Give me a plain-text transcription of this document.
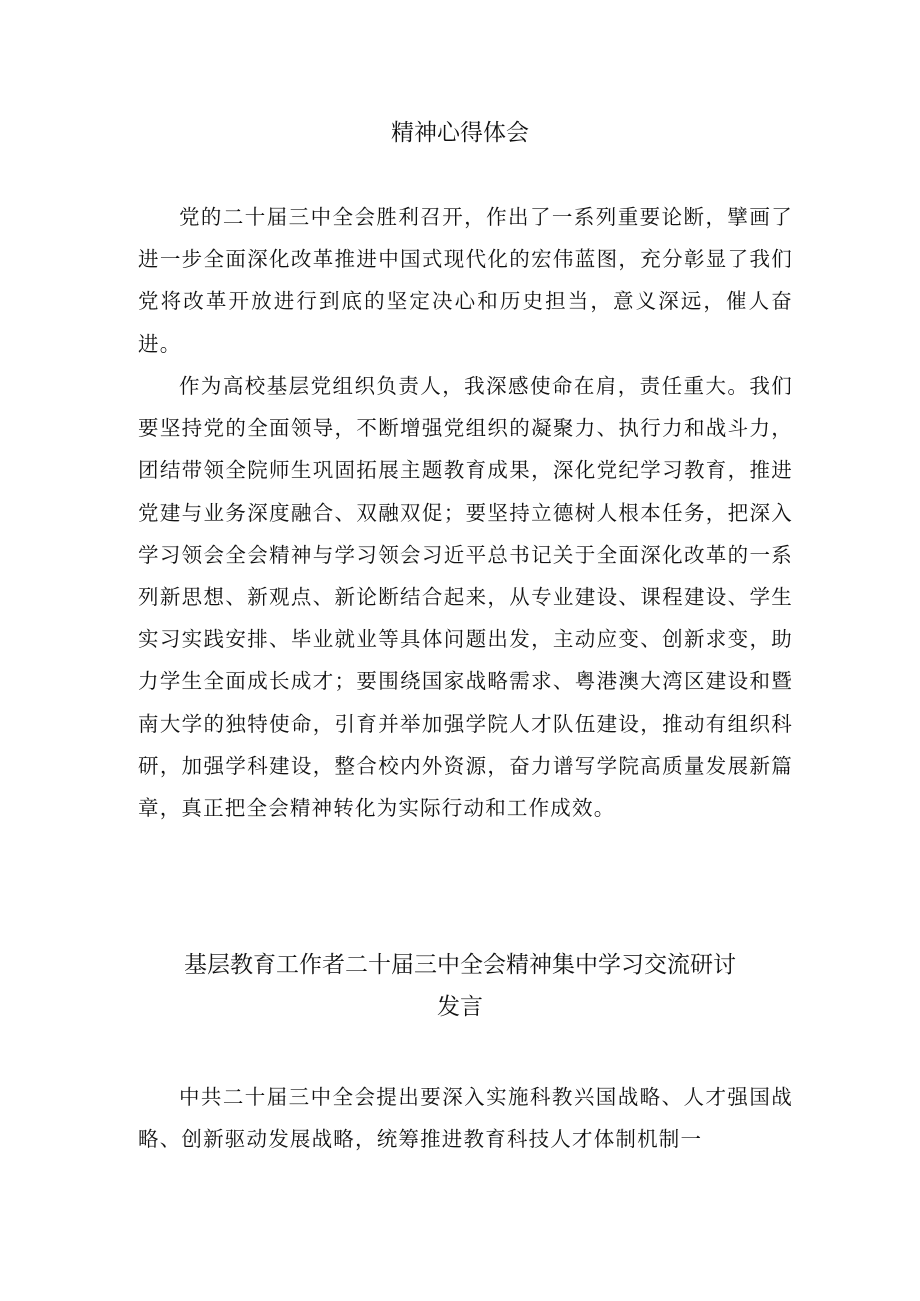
精神心得体会

党的二十届三中全会胜利召开，作出了一系列重要论断，擘画了进一步全面深化改革推进中国式现代化的宏伟蓝图，充分彰显了我们党将改革开放进行到底的坚定决心和历史担当，意义深远，催人奋进。

作为高校基层党组织负责人，我深感使命在肩，责任重大。我们要坚持党的全面领导，不断增强党组织的凝聚力、执行力和战斗力，团结带领全院师生巩固拓展主题教育成果，深化党纪学习教育，推进党建与业务深度融合、双融双促；要坚持立德树人根本任务，把深入学习领会全会精神与学习领会习近平总书记关于全面深化改革的一系列新思想、新观点、新论断结合起来，从专业建设、课程建设、学生实习实践安排、毕业就业等具体问题出发，主动应变、创新求变，助力学生全面成长成才；要围绕国家战略需求、粤港澳大湾区建设和暨南大学的独特使命，引育并举加强学院人才队伍建设，推动有组织科研，加强学科建设，整合校内外资源，奋力谱写学院高质量发展新篇章，真正把全会精神转化为实际行动和工作成效。

基层教育工作者二十届三中全会精神集中学习交流研讨发言

中共二十届三中全会提出要深入实施科教兴国战略、人才强国战略、创新驱动发展战略，统筹推进教育科技人才体制机制一
